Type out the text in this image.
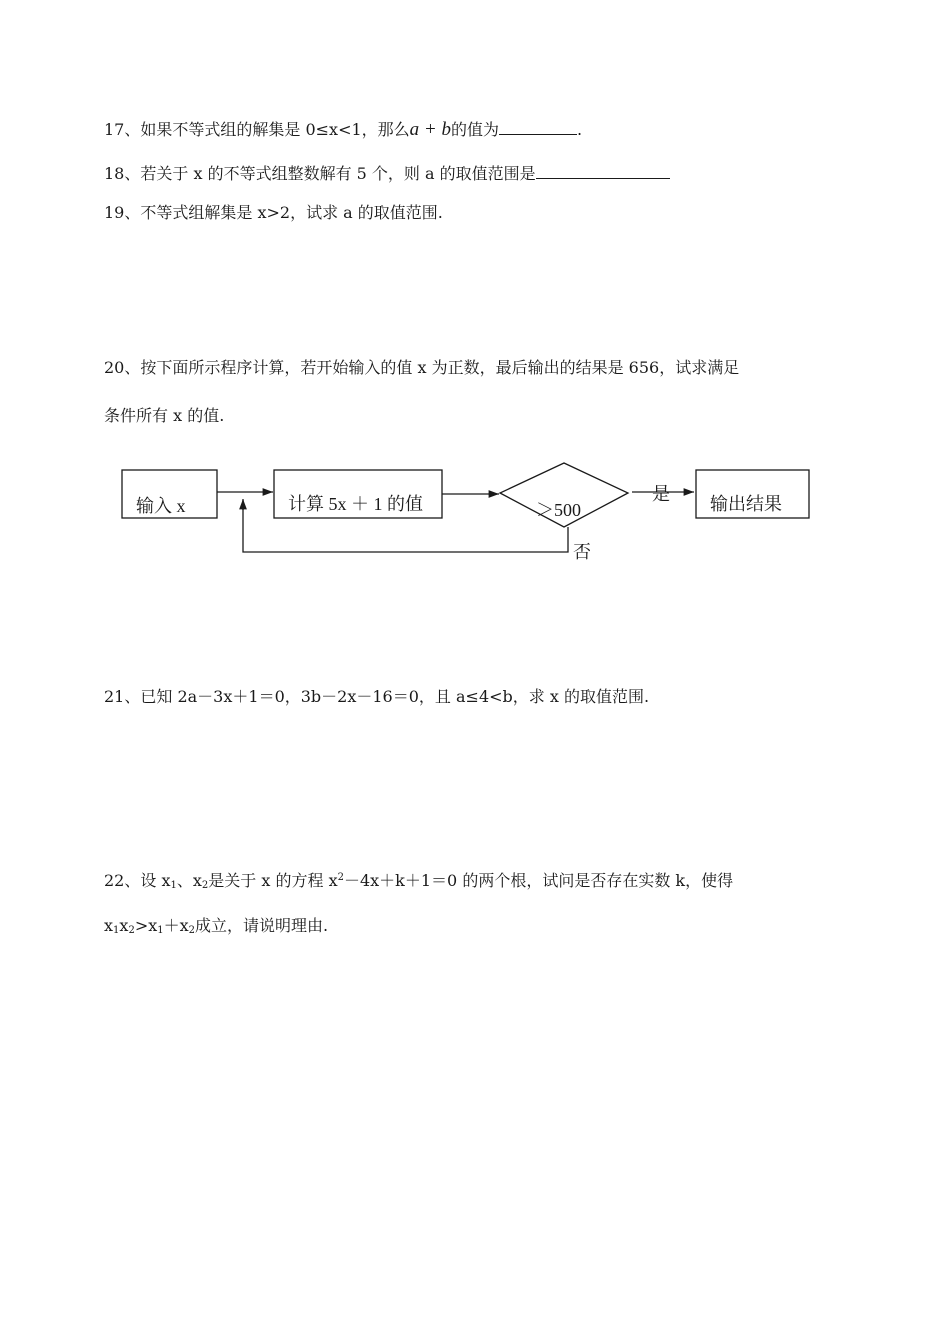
17、如果不等式组的解集是 0≤x<1，那么a + b的值为	.
18、若关于 x 的不等式组整数解有 5 个，则 a 的取值范围是
19、不等式组解集是 x>2，试求 a 的取值范围.
20、按下面所示程序计算，若开始输入的值 x 为正数，最后输出的结果是 656，试求满足
条件所有 x 的值.
输入 x	计算 5x ＋ 1 的值	＞500
是
否
输出结果
21、已知 2a－3x＋1＝0，3b－2x－16＝0，且 a≤4<b，求 x 的取值范围.
22、设 $x_1$、$x_2$是关于 x 的方程 $x^2-4x+k+1=0$ 的两个根，试问是否存在实数 k，使得
$x_1x_2>x_1+x_2$成立，请说明理由.
